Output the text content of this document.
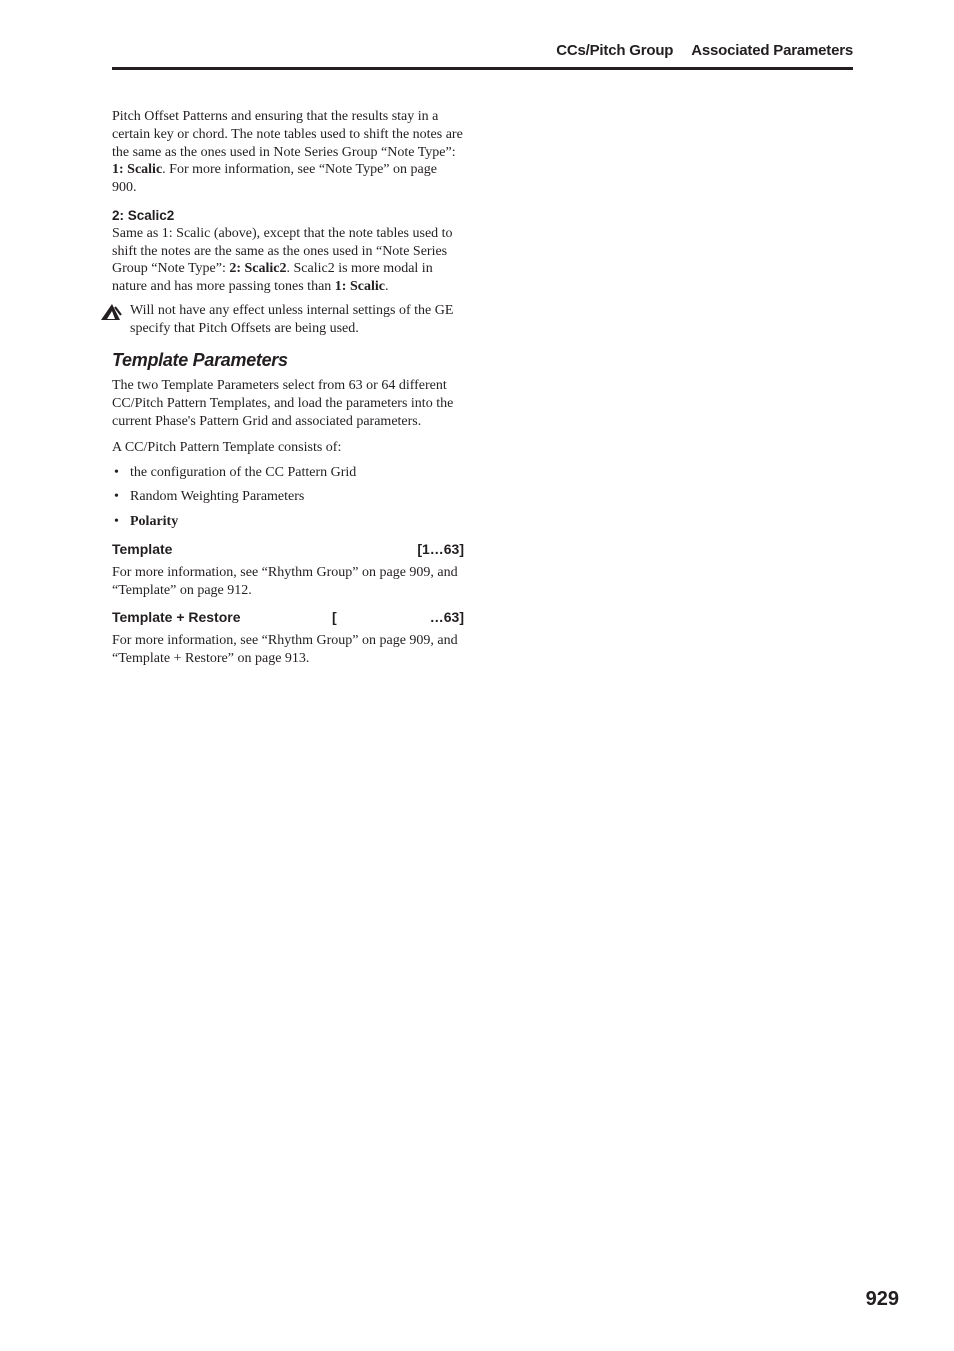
CCs/Pitch Group Associated Parameters

Pitch Offset Patterns and ensuring that the results stay in a certain key or chord. The note tables used to shift the notes are the same as the ones used in Note Series Group “Note Type”: 1: Scalic. For more information, see “Note Type” on page 900.

2: Scalic2

Same as 1: Scalic (above), except that the note tables used to shift the notes are the same as the ones used in “Note Series Group “Note Type”: 2: Scalic2. Scalic2 is more modal in nature and has more passing tones than 1: Scalic.

Will not have any effect unless internal settings of the GE specify that Pitch Offsets are being used.

Template Parameters

The two Template Parameters select from 63 or 64 different CC/Pitch Pattern Templates, and load the parameters into the current Phase's Pattern Grid and associated parameters.

A CC/Pitch Pattern Template consists of:

• the configuration of the CC Pattern Grid
• Random Weighting Parameters
• Polarity
Template	[1…63]

For more information, see “Rhythm Group” on page 909, and “Template” on page 912.

Template + Restore	[	…63]

For more information, see “Rhythm Group” on page 909, and “Template + Restore” on page 913.

929
